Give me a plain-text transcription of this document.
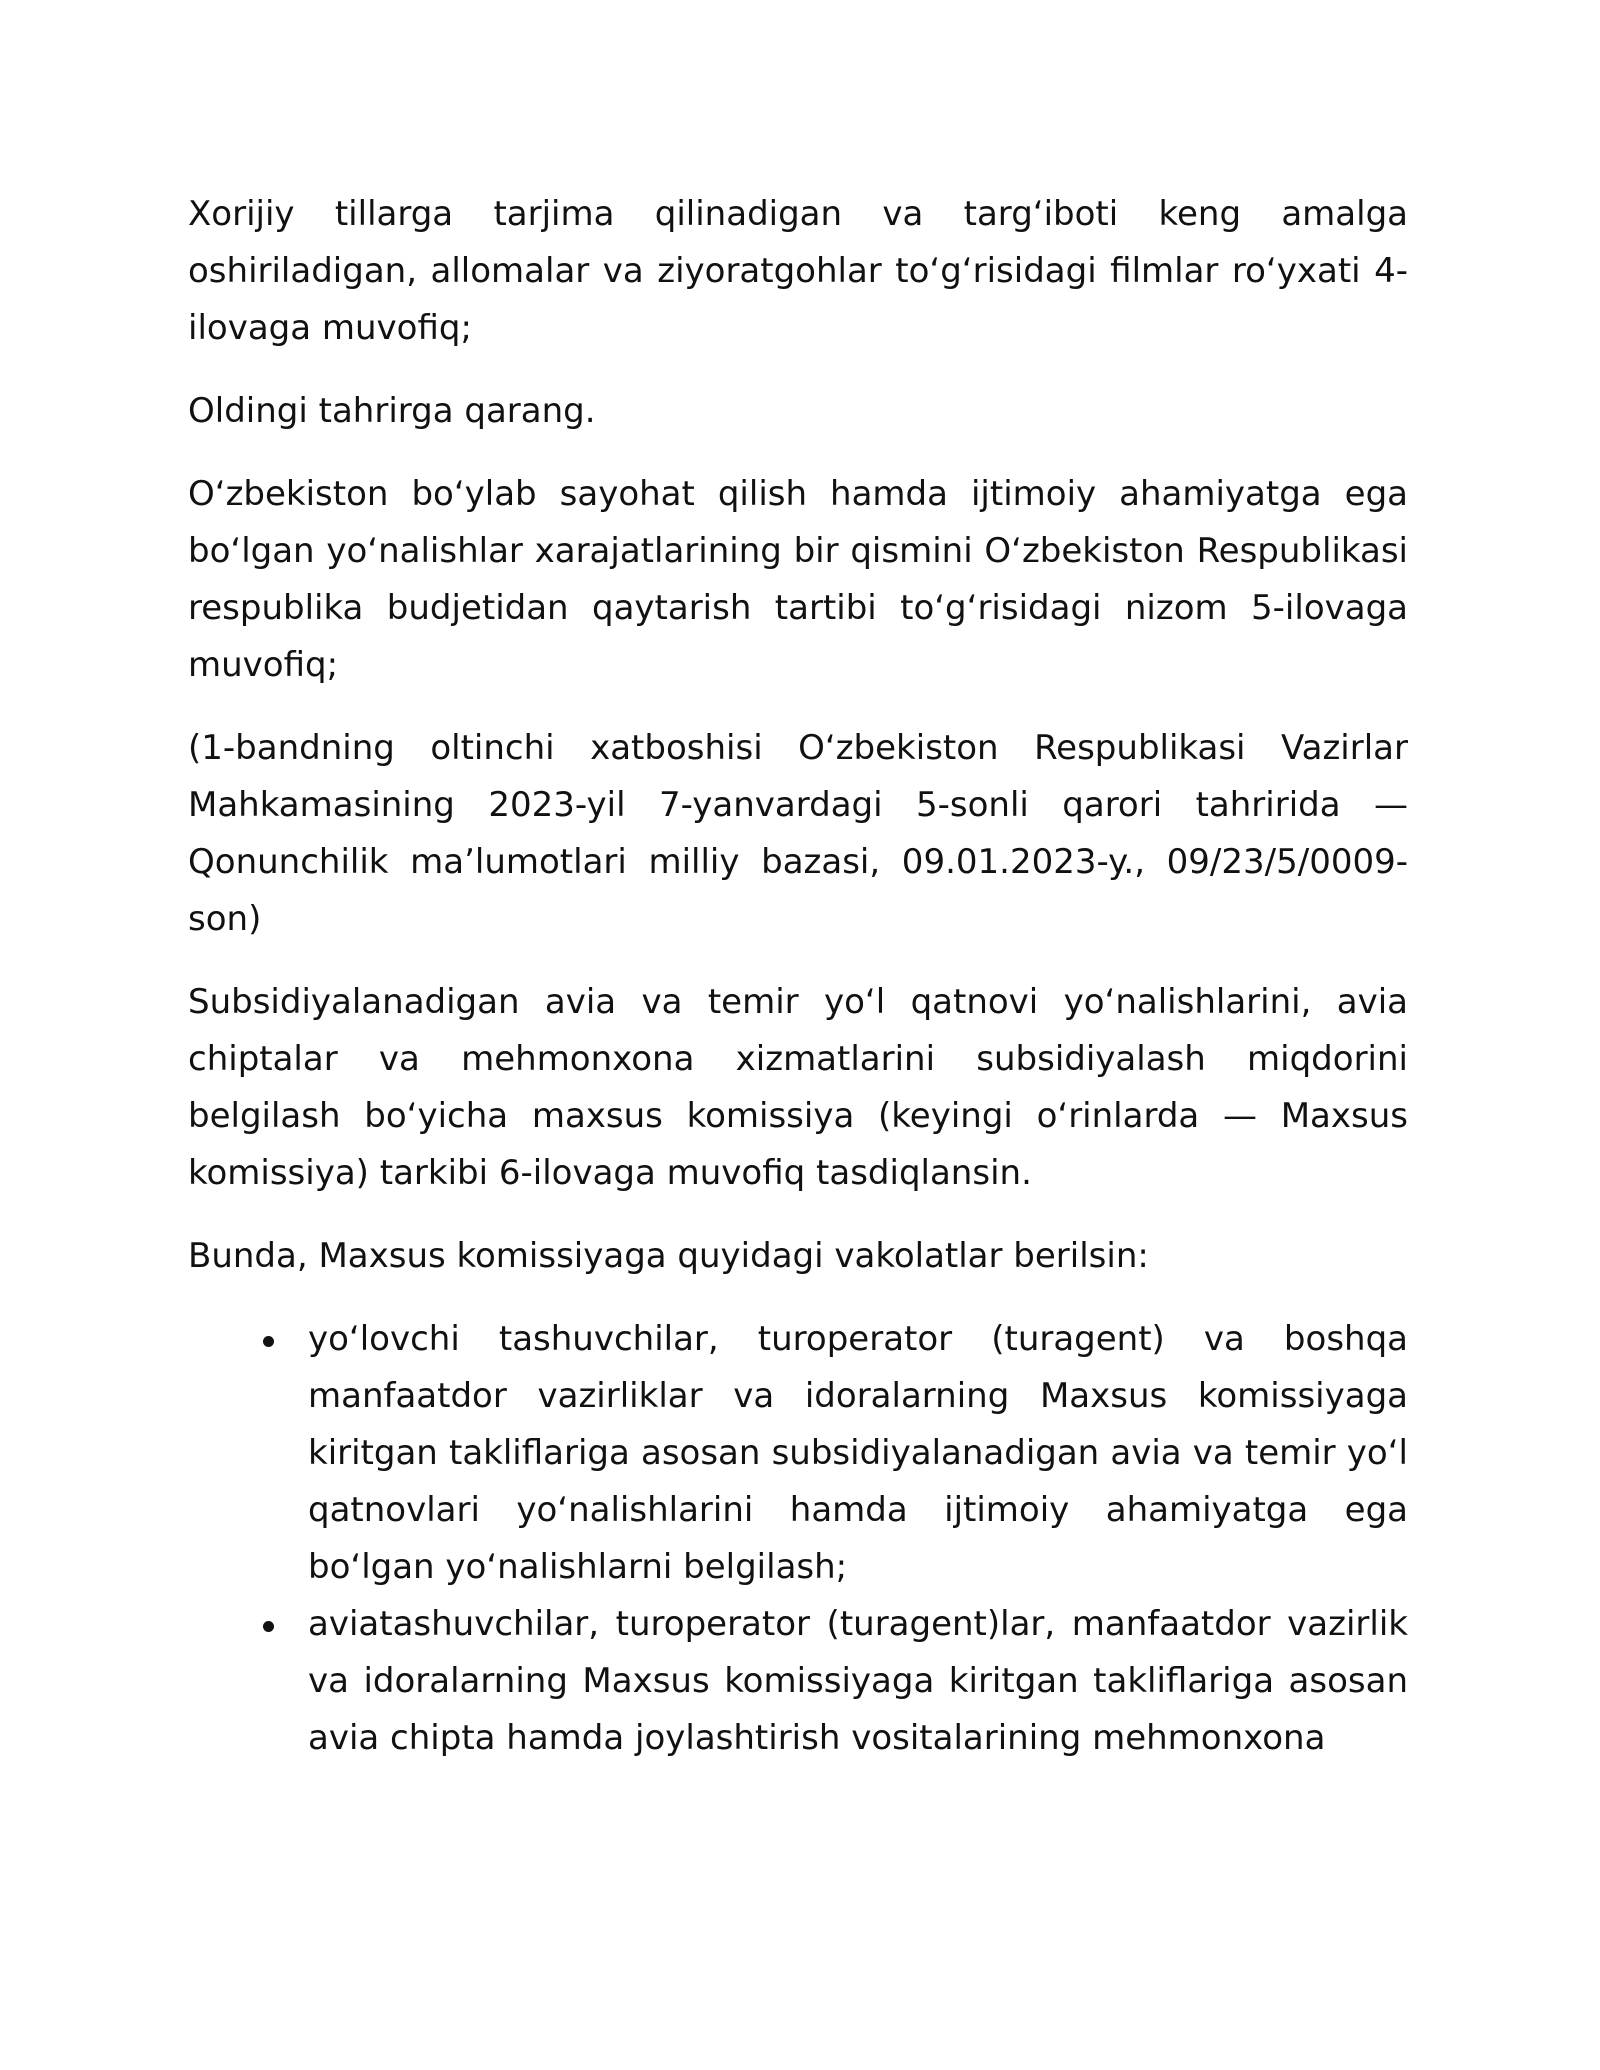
Xorijiy tillarga tarjima qilinadigan va targʻiboti keng amalga oshiriladigan, allomalar va ziyoratgohlar toʻgʻrisidagi filmlar roʻyxati 4-ilovaga muvofiq;

Oldingi tahrirga qarang.

Oʻzbekiston boʻylab sayohat qilish hamda ijtimoiy ahamiyatga ega boʻlgan yoʻnalishlar xarajatlarining bir qismini Oʻzbekiston Respublikasi respublika budjetidan qaytarish tartibi toʻgʻrisidagi nizom 5-ilovaga muvofiq;

(1-bandning oltinchi xatboshisi Oʻzbekiston Respublikasi Vazirlar Mahkamasining 2023-yil 7-yanvardagi 5-sonli qarori tahririda — Qonunchilik maʼlumotlari milliy bazasi, 09.01.2023-y., 09/23/5/0009-son)

Subsidiyalanadigan avia va temir yoʻl qatnovi yoʻnalishlarini, avia chiptalar va mehmonxona xizmatlarini subsidiyalash miqdorini belgilash boʻyicha maxsus komissiya (keyingi oʻrinlarda — Maxsus komissiya) tarkibi 6-ilovaga muvofiq tasdiqlansin.

Bunda, Maxsus komissiyaga quyidagi vakolatlar berilsin:

yoʻlovchi tashuvchilar, turoperator (turagent) va boshqa manfaatdor vazirliklar va idoralarning Maxsus komissiyaga kiritgan takliflariga asosan subsidiyalanadigan avia va temir yoʻl qatnovlari yoʻnalishlarini hamda ijtimoiy ahamiyatga ega boʻlgan yoʻnalishlarni belgilash;
aviatashuvchilar, turoperator (turagent)lar, manfaatdor vazirlik va idoralarning Maxsus komissiyaga kiritgan takliflariga asosan avia chipta hamda joylashtirish vositalarining mehmonxona
